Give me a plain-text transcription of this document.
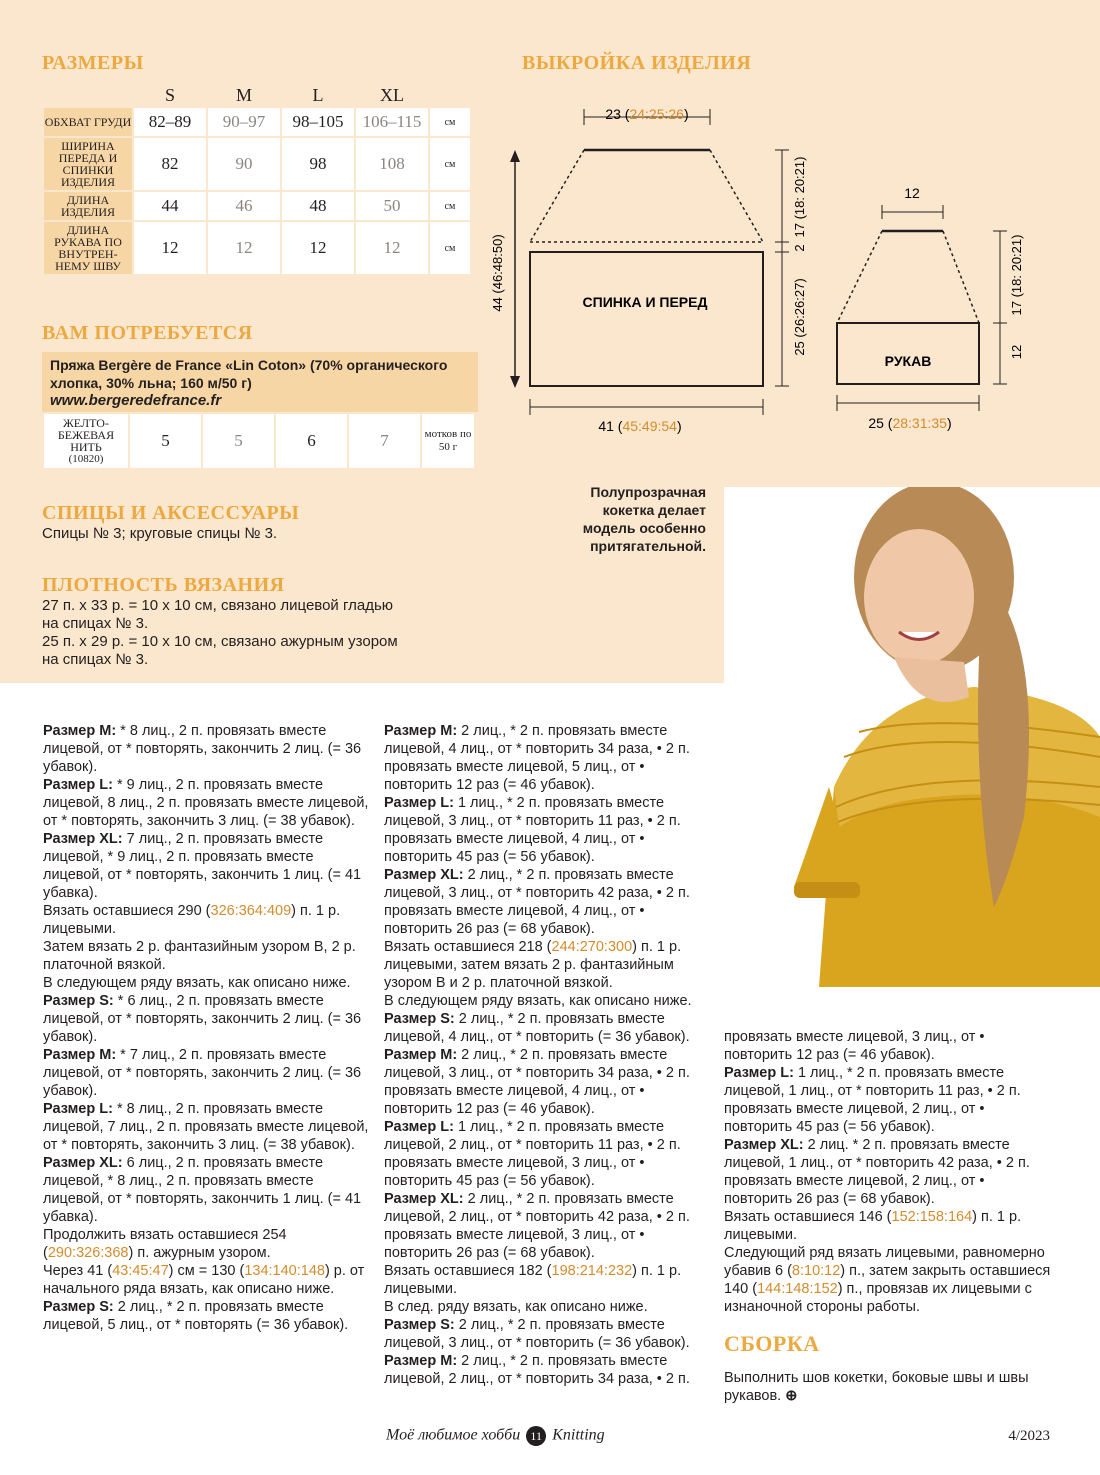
РАЗМЕРЫ
	S	M	L	XL	
ОБХВАТ ГРУДИ	82–89	90–97	98–105	106–115	см
ШИРИНА ПЕРЕДА И СПИНКИ ИЗДЕЛИЯ	82	90	98	108	см
ДЛИНА ИЗДЕЛИЯ	44	46	48	50	см
ДЛИНА РУКАВА ПО ВНУТРЕН-НЕМУ ШВУ	12	12	12	12	см
ВЫКРОЙКА ИЗДЕЛИЯ
23 (24:25:26)
СПИНКА И ПЕРЕД
41 (45:49:54)
44 (46:48:50)
17 (18: 20:21)
2
25 (26:26:27)
12
РУКАВ
25 (28:31:35)
17 (18: 20:21)
12
ВАМ ПОТРЕБУЕТСЯ
Пряжа Bergère de France «Lin Coton» (70% органического
хлопка, 30% льна; 160 м/50 г)
www.bergeredefrance.fr
ЖЕЛТО-БЕЖЕВАЯ НИТЬ
(10820)
	5	5	6	7	мотков по 50 г
СПИЦЫ И АКСЕССУАРЫ

Спицы № 3; круговые спицы № 3.

ПЛОТНОСТЬ ВЯЗАНИЯ
27 п. х 33 р. = 10 х 10 см, связано лицевой гладью
на спицах № 3.
25 п. х 29 р. = 10 х 10 см, связано ажурным узором
на спицах № 3.
Полупрозрачная кокетка делает модель особенно притягательной.

Размер M: * 8 лиц., 2 п. провязать вместе лицевой, от * повторять, закончить 2 лиц. (= 36 убавок).

Размер L: * 9 лиц., 2 п. провязать вместе лицевой, 8 лиц., 2 п. провязать вместе лицевой, от * повторять, закончить 3 лиц. (= 38 убавок).

Размер XL: 7 лиц., 2 п. провязать вместе лицевой, * 9 лиц., 2 п. провязать вместе лицевой, от * повторять, закончить 1 лиц. (= 41 убавка).

Вязать оставшиеся 290 (326:364:409) п. 1 р. лицевыми.

Затем вязать 2 р. фантазийным узором B, 2 р. платочной вязкой.

В следующем ряду вязать, как описано ниже.

Размер S: * 6 лиц., 2 п. провязать вместе лицевой, от * повторять, закончить 2 лиц. (= 36 убавок).

Размер M: * 7 лиц., 2 п. провязать вместе лицевой, от * повторять, закончить 2 лиц. (= 36 убавок).

Размер L: * 8 лиц., 2 п. провязать вместе лицевой, 7 лиц., 2 п. провязать вместе лицевой, от * повторять, закончить 3 лиц. (= 38 убавок).

Размер XL: 6 лиц., 2 п. провязать вместе лицевой, * 8 лиц., 2 п. провязать вместе лицевой, от * повторять, закончить 1 лиц. (= 41 убавка).

Продолжить вязать оставшиеся 254 (290:326:368) п. ажурным узором.

Через 41 (43:45:47) см = 130 (134:140:148) р. от начального ряда вязать, как описано ниже.

Размер S: 2 лиц., * 2 п. провязать вместе лицевой, 5 лиц., от * повторять (= 36 убавок).

Размер M: 2 лиц., * 2 п. провязать вместе лицевой, 4 лиц., от * повторить 34 раза, • 2 п. провязать вместе лицевой, 5 лиц., от • повторить 12 раз (= 46 убавок).

Размер L: 1 лиц., * 2 п. провязать вместе лицевой, 3 лиц., от * повторить 11 раз, • 2 п. провязать вместе лицевой, 4 лиц., от • повторить 45 раз (= 56 убавок).

Размер XL: 2 лиц., * 2 п. провязать вместе лицевой, 3 лиц., от * повторить 42 раза, • 2 п. провязать вместе лицевой, 4 лиц., от • повторить 26 раз (= 68 убавок).

Вязать оставшиеся 218 (244:270:300) п. 1 р. лицевыми, затем вязать 2 р. фантазийным узором B и 2 р. платочной вязкой.

В следующем ряду вязать, как описано ниже.

Размер S: 2 лиц., * 2 п. провязать вместе лицевой, 4 лиц., от * повторить (= 36 убавок).

Размер M: 2 лиц., * 2 п. провязать вместе лицевой, 3 лиц., от * повторить 34 раза, • 2 п. провязать вместе лицевой, 4 лиц., от • повторить 12 раз (= 46 убавок).

Размер L: 1 лиц., * 2 п. провязать вместе лицевой, 2 лиц., от * повторить 11 раз, • 2 п. провязать вместе лицевой, 3 лиц., от • повторить 45 раз (= 56 убавок).

Размер XL: 2 лиц., * 2 п. провязать вместе лицевой, 2 лиц., от * повторить 42 раза, • 2 п. провязать вместе лицевой, 3 лиц., от • повторить 26 раз (= 68 убавок).

Вязать оставшиеся 182 (198:214:232) п. 1 р. лицевыми.

В след. ряду вязать, как описано ниже.

Размер S: 2 лиц., * 2 п. провязать вместе лицевой, 3 лиц., от * повторить (= 36 убавок).

Размер M: 2 лиц., * 2 п. провязать вместе лицевой, 2 лиц., от * повторить 34 раза, • 2 п.

провязать вместе лицевой, 3 лиц., от • повторить 12 раз (= 46 убавок).

Размер L: 1 лиц., * 2 п. провязать вместе лицевой, 1 лиц., от * повторить 11 раз, • 2 п. провязать вместе лицевой, 2 лиц., от • повторить 45 раз (= 56 убавок).

Размер XL: 2 лиц. * 2 п. провязать вместе лицевой, 1 лиц., от * повторить 42 раза, • 2 п. провязать вместе лицевой, 2 лиц., от • повторить 26 раз (= 68 убавок).

Вязать оставшиеся 146 (152:158:164) п. 1 р. лицевыми.

Следующий ряд вязать лицевыми, равномерно убавив 6 (8:10:12) п., затем закрыть оставшиеся 140 (144:148:152) п., провязав их лицевыми с изнаночной стороны работы.

СБОРКА

Выполнить шов кокетки, боковые швы и швы рукавов. ⊕

Моё любимое хобби 11 Knitting	4/2023
